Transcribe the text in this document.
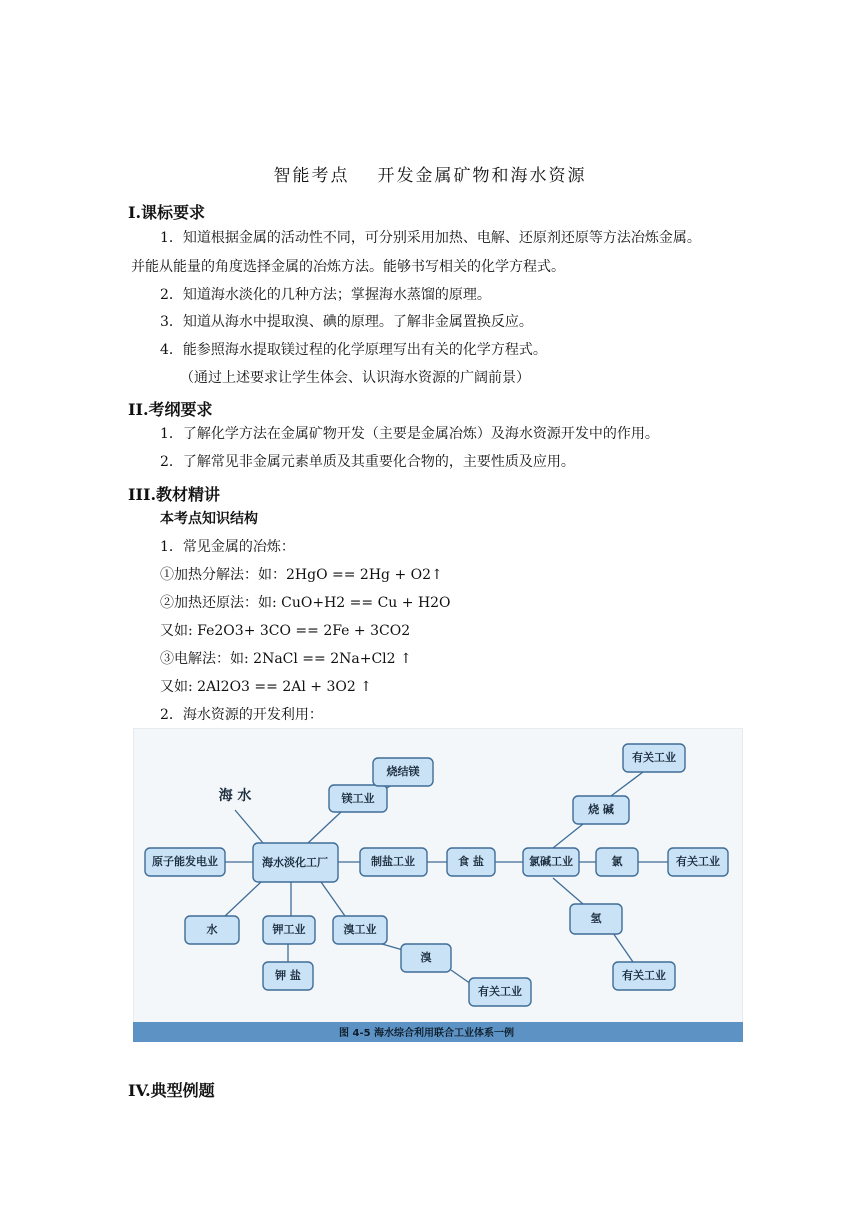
智能考点 开发金属矿物和海水资源
I.课标要求
1．知道根据金属的活动性不同，可分别采用加热、电解、还原剂还原等方法冶炼金属。
并能从能量的角度选择金属的冶炼方法。能够书写相关的化学方程式。
2．知道海水淡化的几种方法；掌握海水蒸馏的原理。
3．知道从海水中提取溴、碘的原理。了解非金属置换反应。
4．能参照海水提取镁过程的化学原理写出有关的化学方程式。
（通过上述要求让学生体会、认识海水资源的广阔前景）
II.考纲要求
1．了解化学方法在金属矿物开发（主要是金属冶炼）及海水资源开发中的作用。
2．了解常见非金属元素单质及其重要化合物的，主要性质及应用。
III.教材精讲
本考点知识结构
1．常见金属的冶炼：
①加热分解法：如：2HgO == 2Hg + O2↑
②加热还原法：如: CuO+H2 == Cu + H2O
又如: Fe2O3+ 3CO == 2Fe + 3CO2
③电解法：如: 2NaCl == 2Na+Cl2 ↑
又如: 2Al2O3 == 2Al + 3O2 ↑
2．海水资源的开发利用：
海 水
海水淡化工厂
原子能发电业
镁工业
烧结镁
制盐工业	食 盐	氯碱工业
烧 碱
有关工业
氯	有关工业
氢
有关工业
水	钾工业
钾 盐
溴工业
溴
有关工业
图 4-5 海水综合利用联合工业体系一例
IV.典型例题
